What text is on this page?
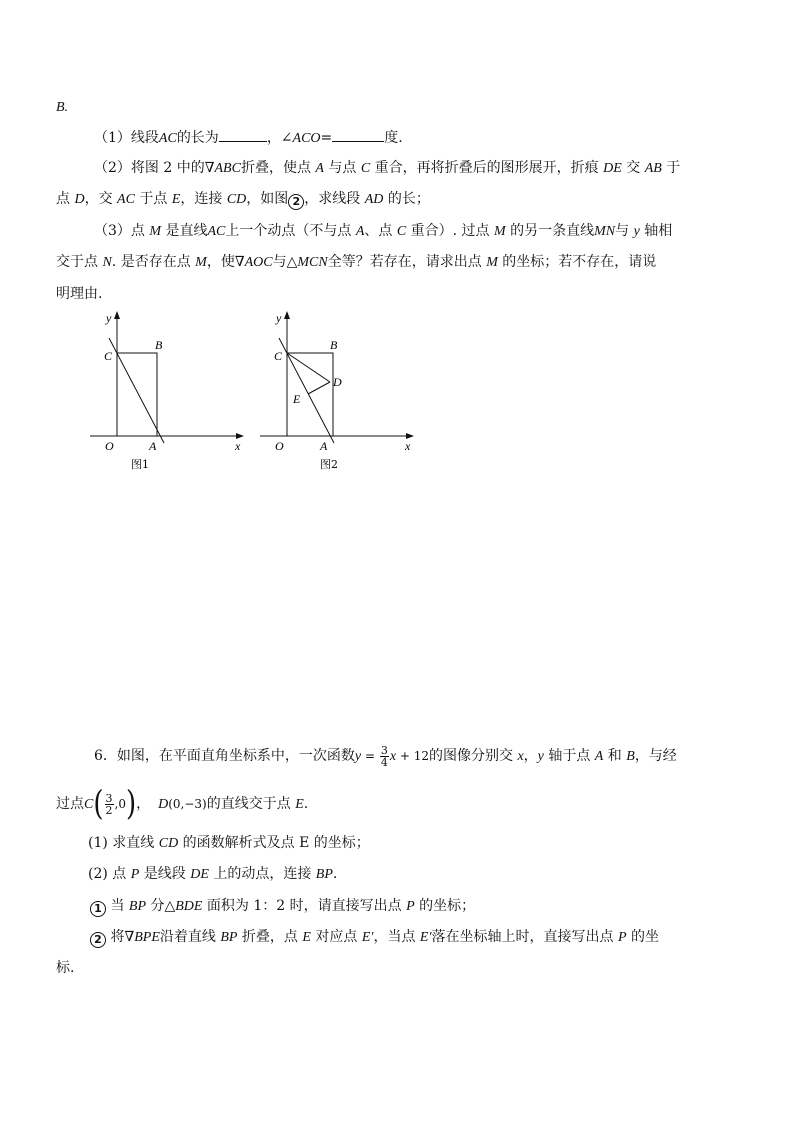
B.
（1）线段AC的长为	，∠ACO=	度.
（2）将图 2 中的∇ABC折叠，使点 A 与点 C 重合，再将折叠后的图形展开，折痕 DE 交 AB 于
点 D，交 AC 于点 E，连接 CD，如图 2 ，求线段 AD 的长；
（3）点 M 是直线AC上一个动点（不与点 A、点 C 重合）. 过点 M 的另一条直线MN与 y 轴相
交于点 N. 是否存在点 M，使∇AOC与△MCN全等？若存在，请求出点 M 的坐标；若不存在，请说
明理由.
y
C
B
O	A	x
图1
y
C
B
D
E
O	A	x
图2
6．如图，在平面直角坐标系中，一次函数$y = \frac{3}{4}$ x + 12的图像分别交 x，y 轴于点 A 和 B，与经
过点$C( \frac{3}{2} ,0)$， D(0,−3)的直线交于点 E.
(1) 求直线 CD 的函数解析式及点 E 的坐标；
(2) 点 P 是线段 DE 上的动点，连接 BP.
1 当 BP 分△BDE 面积为 1：2 时，请直接写出点 P 的坐标；
2 将∇BPE沿着直线 BP 折叠，点 E 对应点 E′，当点 E′落在坐标轴上时，直接写出点 P 的坐
标.
